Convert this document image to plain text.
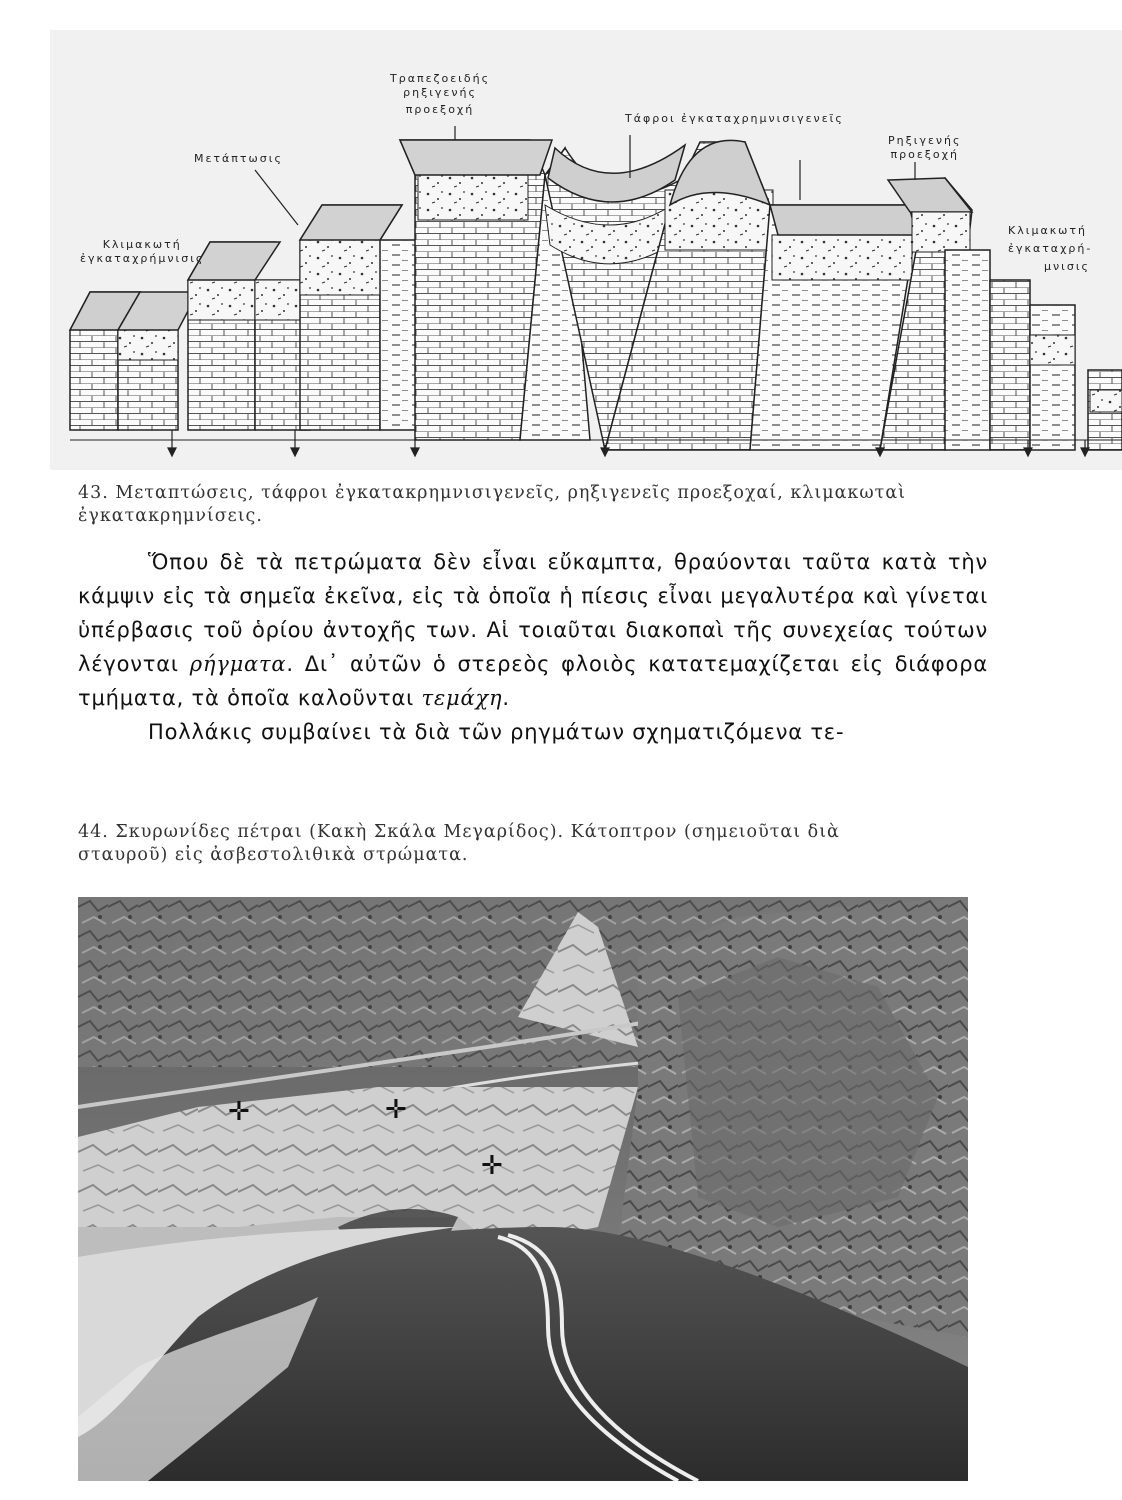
Τραπεζοειδής
ρηξιγενής
προεξοχή
Τάφροι ἐγκαταχρημνισιγενεῖς
Ρηξιγενής
προεξοχή
Μετάπτωσις
Κλιμακωτή
ἐγκαταχρήμνισις
Κλιμακωτή
ἐγκαταχρή-
μνισις
43. Μεταπτώσεις, τάφροι ἐγκατακρημνισιγενεῖς, ρηξιγενεῖς προεξοχαί, κλιμακωταὶ
ἐγκατακρημνίσεις.

Ὅπου δὲ τὰ πετρώματα δὲν εἶναι εὔκαμπτα, θραύονται ταῦτα κατὰ τὴν κάμψιν εἰς τὰ σημεῖα ἐκεῖνα, εἰς τὰ ὁποῖα ἡ πίεσις εἶναι μεγαλυτέρα καὶ γίνεται ὑπέρβασις τοῦ ὁρίου ἀντοχῆς των. Αἱ τοιαῦται διακοπαὶ τῆς συνεχείας τούτων λέγονται ρήγματα. Δι᾽ αὐτῶν ὁ στερεὸς φλοιὸς κατατεμαχίζεται εἰς διάφορα τμήματα, τὰ ὁποῖα καλοῦνται τεμάχη.

Πολλάκις συμβαίνει τὰ διὰ τῶν ρηγμάτων σχηματιζόμενα τε-

44. Σκυρωνίδες πέτραι (Κακὴ Σκάλα Μεγαρίδος). Κάτοπτρον (σημειοῦται διὰ
σταυροῦ) εἰς ἀσβεστολιθικὰ στρώματα.
✛	✛
✛
